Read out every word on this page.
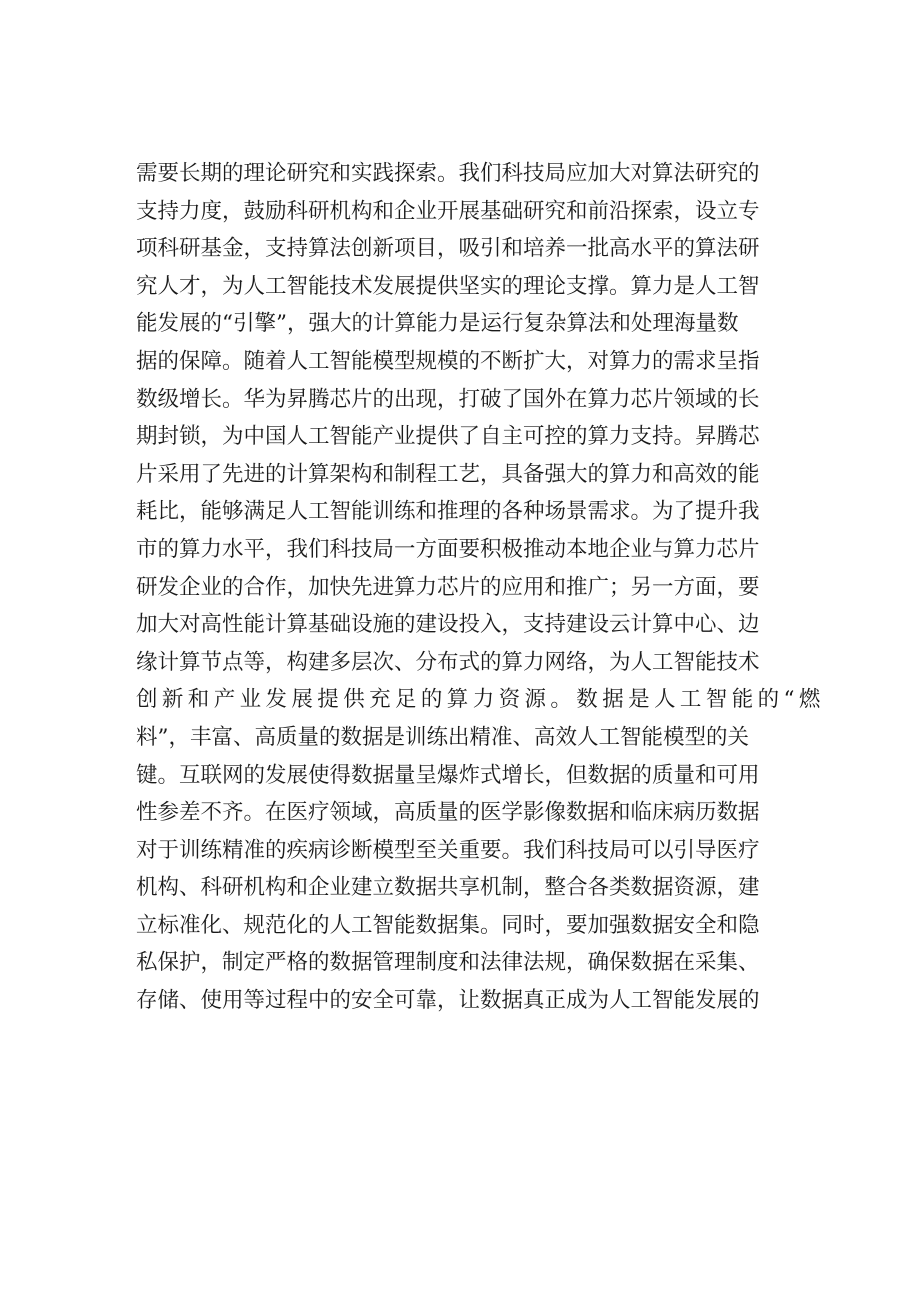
需要长期的理论研究和实践探索。我们科技局应加大对算法研究的
支持力度，鼓励科研机构和企业开展基础研究和前沿探索，设立专
项科研基金，支持算法创新项目，吸引和培养一批高水平的算法研
究人才，为人工智能技术发展提供坚实的理论支撑。算力是人工智
能发展的“引擎”，强大的计算能力是运行复杂算法和处理海量数
据的保障。随着人工智能模型规模的不断扩大，对算力的需求呈指
数级增长。华为昇腾芯片的出现，打破了国外在算力芯片领域的长
期封锁，为中国人工智能产业提供了自主可控的算力支持。昇腾芯
片采用了先进的计算架构和制程工艺，具备强大的算力和高效的能
耗比，能够满足人工智能训练和推理的各种场景需求。为了提升我
市的算力水平，我们科技局一方面要积极推动本地企业与算力芯片
研发企业的合作，加快先进算力芯片的应用和推广；另一方面，要
加大对高性能计算基础设施的建设投入，支持建设云计算中心、边
缘计算节点等，构建多层次、分布式的算力网络，为人工智能技术
创新和产业发展提供充足的算力资源。数据是人工智能的“燃
料”，丰富、高质量的数据是训练出精准、高效人工智能模型的关
键。互联网的发展使得数据量呈爆炸式增长，但数据的质量和可用
性参差不齐。在医疗领域，高质量的医学影像数据和临床病历数据
对于训练精准的疾病诊断模型至关重要。我们科技局可以引导医疗
机构、科研机构和企业建立数据共享机制，整合各类数据资源，建
立标准化、规范化的人工智能数据集。同时，要加强数据安全和隐
私保护，制定严格的数据管理制度和法律法规，确保数据在采集、
存储、使用等过程中的安全可靠，让数据真正成为人工智能发展的
